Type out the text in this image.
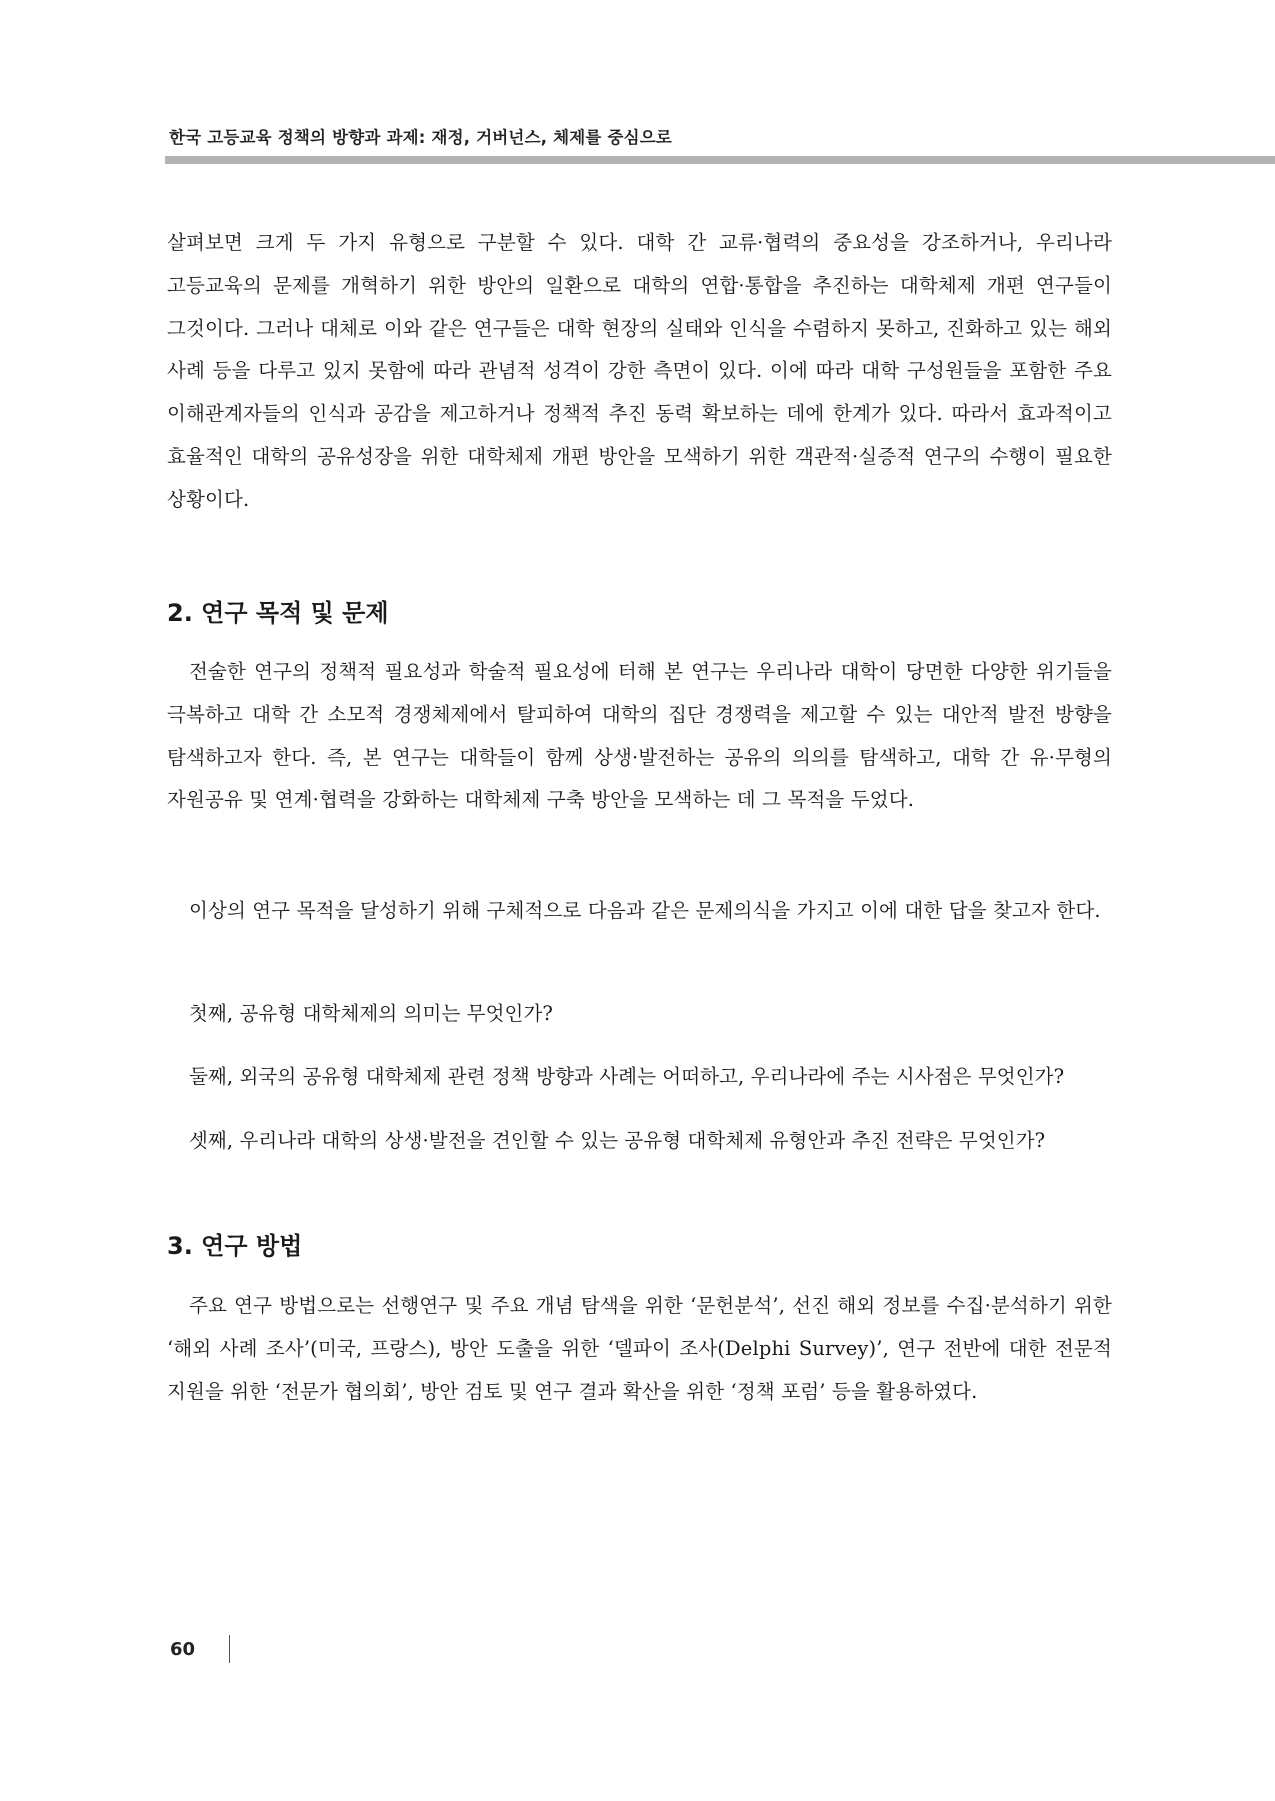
한국 고등교육 정책의 방향과 과제: 재정, 거버넌스, 체제를 중심으로

살펴보면 크게 두 가지 유형으로 구분할 수 있다. 대학 간 교류·협력의 중요성을 강조하거나, 우리나라 고등교육의 문제를 개혁하기 위한 방안의 일환으로 대학의 연합·통합을 추진하는 대학체제 개편 연구들이 그것이다. 그러나 대체로 이와 같은 연구들은 대학 현장의 실태와 인식을 수렴하지 못하고, 진화하고 있는 해외 사례 등을 다루고 있지 못함에 따라 관념적 성격이 강한 측면이 있다. 이에 따라 대학 구성원들을 포함한 주요 이해관계자들의 인식과 공감을 제고하거나 정책적 추진 동력 확보하는 데에 한계가 있다. 따라서 효과적이고 효율적인 대학의 공유성장을 위한 대학체제 개편 방안을 모색하기 위한 객관적·실증적 연구의 수행이 필요한 상황이다.

2. 연구 목적 및 문제

전술한 연구의 정책적 필요성과 학술적 필요성에 터해 본 연구는 우리나라 대학이 당면한 다양한 위기들을 극복하고 대학 간 소모적 경쟁체제에서 탈피하여 대학의 집단 경쟁력을 제고할 수 있는 대안적 발전 방향을 탐색하고자 한다. 즉, 본 연구는 대학들이 함께 상생·발전하는 공유의 의의를 탐색하고, 대학 간 유·무형의 자원공유 및 연계·협력을 강화하는 대학체제 구축 방안을 모색하는 데 그 목적을 두었다.

이상의 연구 목적을 달성하기 위해 구체적으로 다음과 같은 문제의식을 가지고 이에 대한 답을 찾고자 한다.

첫째, 공유형 대학체제의 의미는 무엇인가?

둘째, 외국의 공유형 대학체제 관련 정책 방향과 사례는 어떠하고, 우리나라에 주는 시사점은 무엇인가?

셋째, 우리나라 대학의 상생·발전을 견인할 수 있는 공유형 대학체제 유형안과 추진 전략은 무엇인가?

3. 연구 방법

주요 연구 방법으로는 선행연구 및 주요 개념 탐색을 위한 ‘문헌분석’, 선진 해외 정보를 수집·분석하기 위한 ‘해외 사례 조사’(미국, 프랑스), 방안 도출을 위한 ‘델파이 조사(Delphi Survey)’, 연구 전반에 대한 전문적 지원을 위한 ‘전문가 협의회’, 방안 검토 및 연구 결과 확산을 위한 ‘정책 포럼’ 등을 활용하였다.

60
